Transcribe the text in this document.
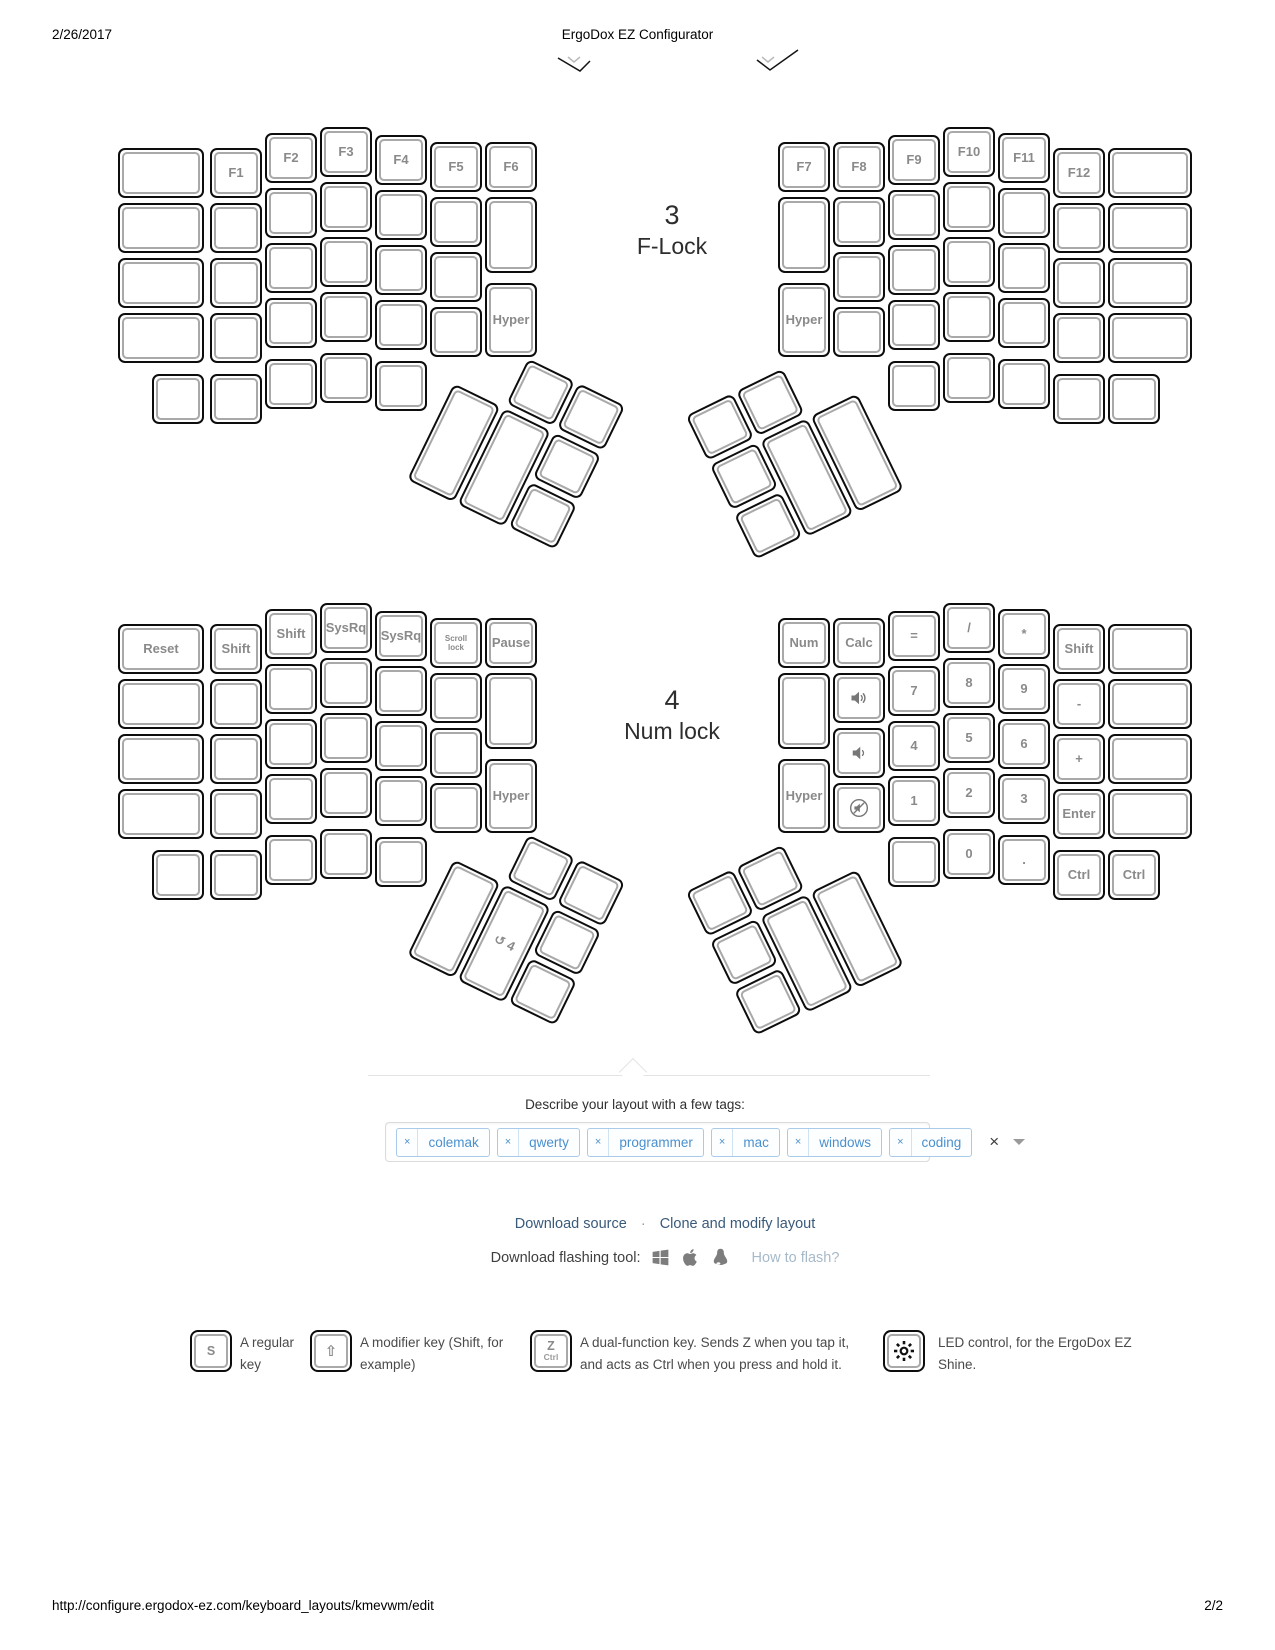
2/26/2017	ErgoDox EZ Configurator
F1
F2	F3
F4	F5	F6
Hyper
F7
Hyper
F8	F9
F10	F11
F12
3
F-Lock
Reset	Shift
Shift	SysRq
SysRq	Scroll lock	Pause
Hyper
Num
Hyper
Calc	=
7
4
1
/
8
5
2
0
*
9
6
3
.
Shift
-
+
Enter
Ctrl	Ctrl
↺ 4
4
Num lock
Describe your layout with a few tags:
×	colemak	×	qwerty	×	programmer	×	mac	×	windows	×	coding	×
Download source · Clone and modify layout
Download flashing tool:	How to flash?
S
A regular
key
⇧ A modifier key (Shift, for
example)
Z
Ctrl
A dual-function key. Sends Z when you tap it,
and acts as Ctrl when you press and hold it.
LED control, for the ErgoDox EZ
Shine.
http://configure.ergodox-ez.com/keyboard_layouts/kmevwm/edit	2/2
